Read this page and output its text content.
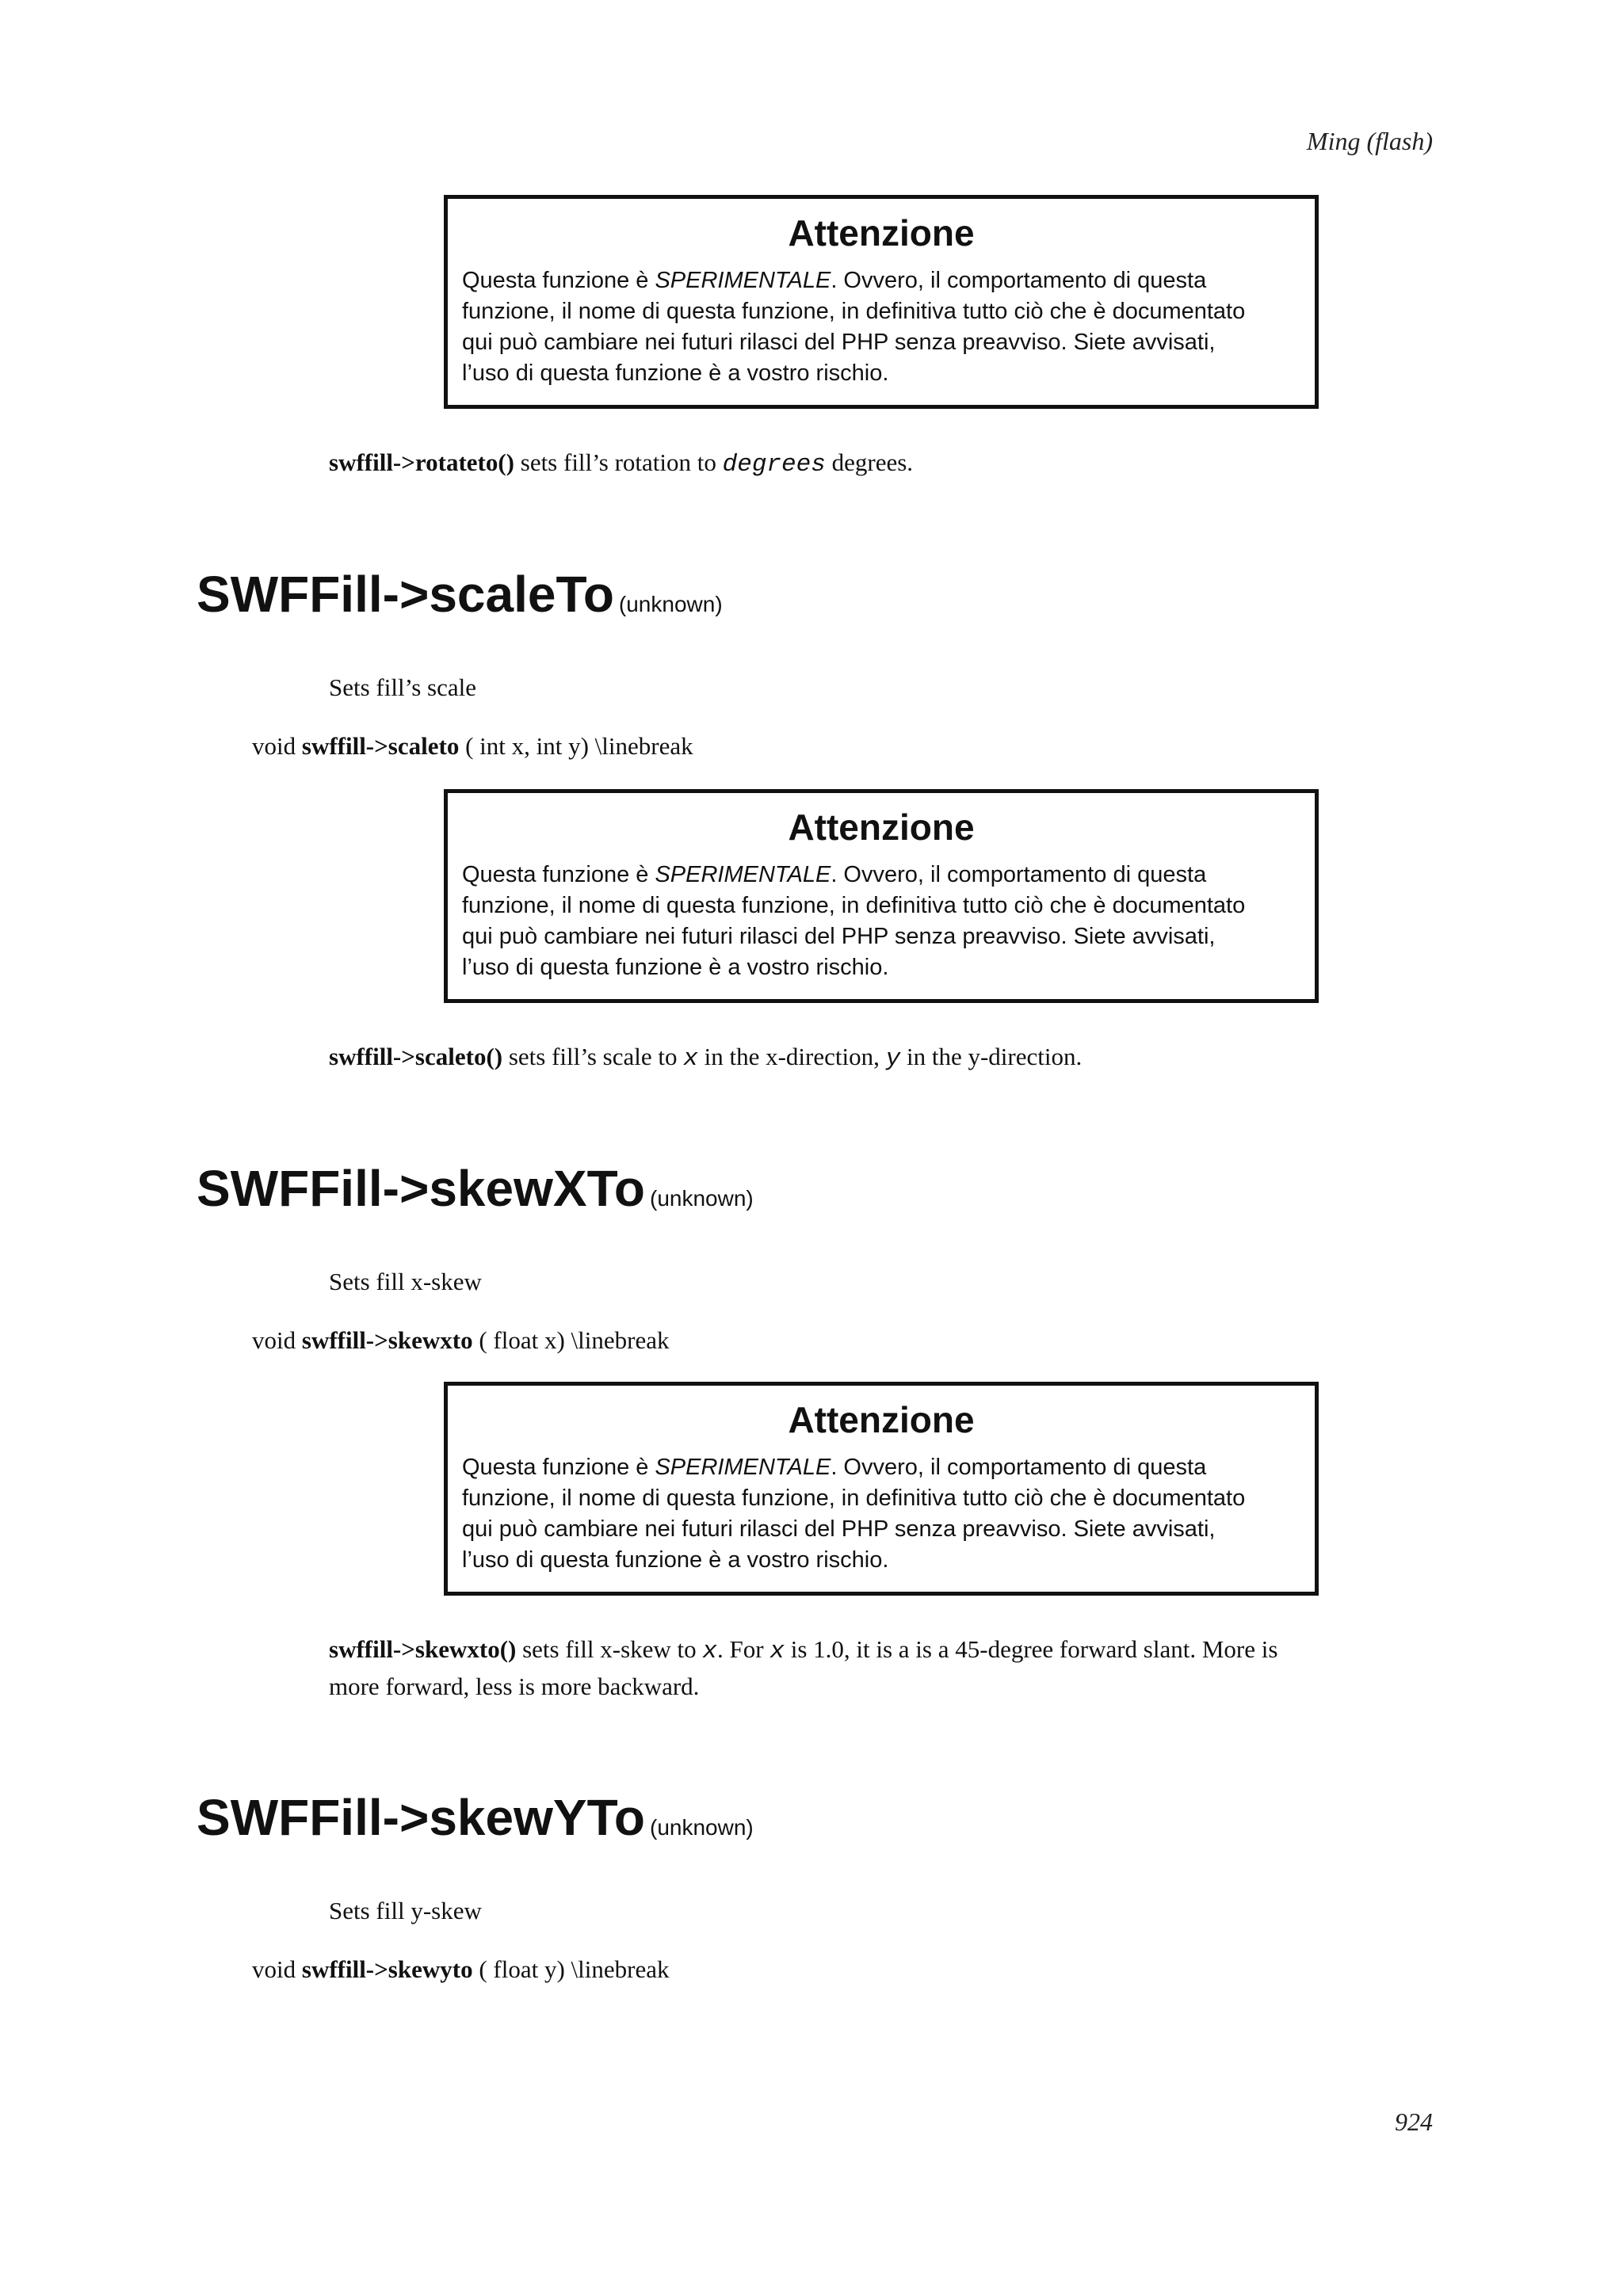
Ming (flash)
Attenzione
Questa funzione è SPERIMENTALE. Ovvero, il comportamento di questa
funzione, il nome di questa funzione, in definitiva tutto ciò che è documentato
qui può cambiare nei futuri rilasci del PHP senza preavviso. Siete avvisati,
l’uso di questa funzione è a vostro rischio.
swffill->rotateto() sets fill’s rotation to degrees degrees.
SWFFill->scaleTo (unknown)
Sets fill’s scale
void swffill->scaleto ( int x, int y) \linebreak
Attenzione
Questa funzione è SPERIMENTALE. Ovvero, il comportamento di questa
funzione, il nome di questa funzione, in definitiva tutto ciò che è documentato
qui può cambiare nei futuri rilasci del PHP senza preavviso. Siete avvisati,
l’uso di questa funzione è a vostro rischio.
swffill->scaleto() sets fill’s scale to x in the x-direction, y in the y-direction.
SWFFill->skewXTo (unknown)
Sets fill x-skew
void swffill->skewxto ( float x) \linebreak
Attenzione
Questa funzione è SPERIMENTALE. Ovvero, il comportamento di questa
funzione, il nome di questa funzione, in definitiva tutto ciò che è documentato
qui può cambiare nei futuri rilasci del PHP senza preavviso. Siete avvisati,
l’uso di questa funzione è a vostro rischio.
swffill->skewxto() sets fill x-skew to x. For x is 1.0, it is a is a 45-degree forward slant. More is
more forward, less is more backward.
SWFFill->skewYTo (unknown)
Sets fill y-skew
void swffill->skewyto ( float y) \linebreak
924
